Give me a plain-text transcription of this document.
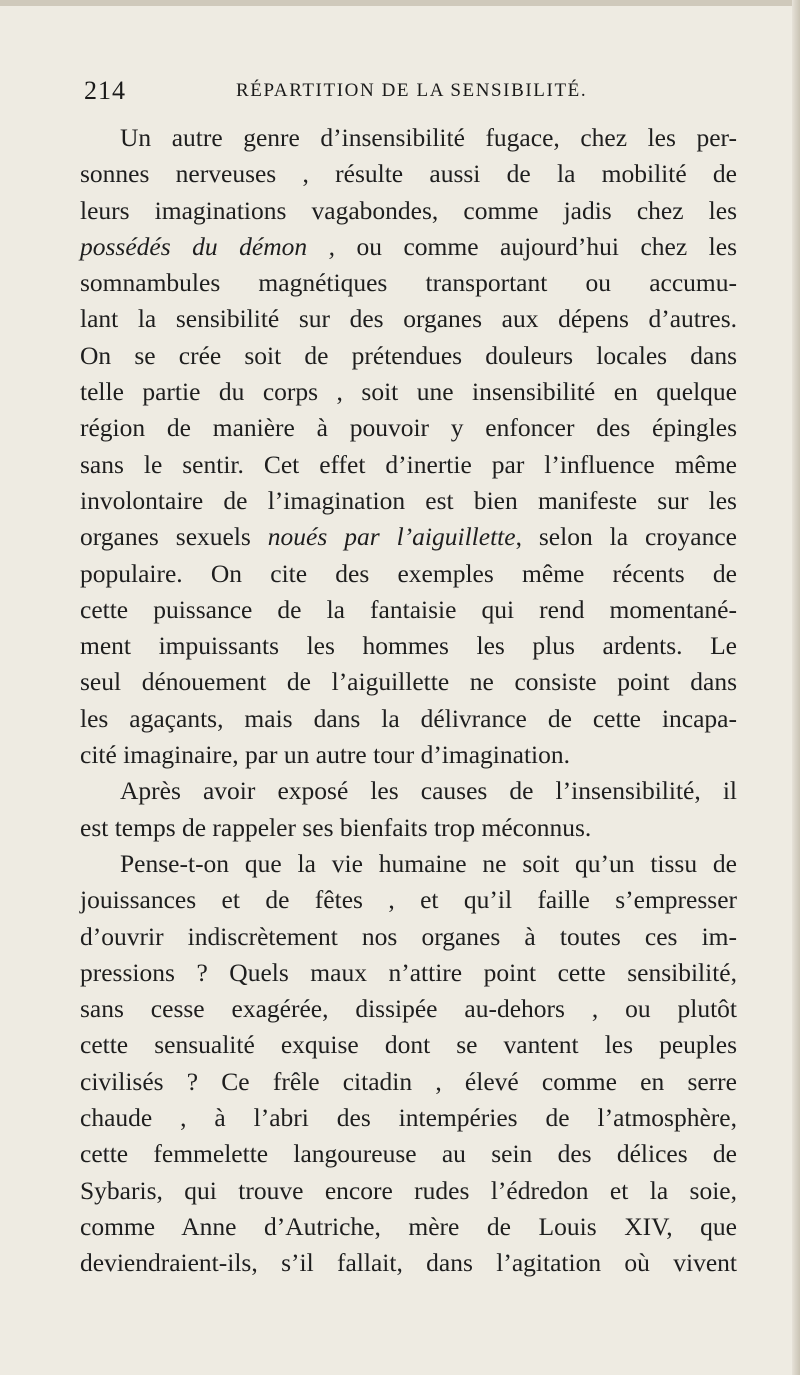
214	RÉPARTITION DE LA SENSIBILITÉ.
Un autre genre d’insensibilité fugace, chez les per-
sonnes nerveuses , résulte aussi de la mobilité de
leurs imaginations vagabondes, comme jadis chez les
possédés du démon , ou comme aujourd’hui chez les
somnambules magnétiques transportant ou accumu-
lant la sensibilité sur des organes aux dépens d’autres.
On se crée soit de prétendues douleurs locales dans
telle partie du corps , soit une insensibilité en quelque
région de manière à pouvoir y enfoncer des épingles
sans le sentir. Cet effet d’inertie par l’influence même
involontaire de l’imagination est bien manifeste sur les
organes sexuels noués par l’aiguillette, selon la croyance
populaire. On cite des exemples même récents de
cette puissance de la fantaisie qui rend momentané-
ment impuissants les hommes les plus ardents. Le
seul dénouement de l’aiguillette ne consiste point dans
les agaçants, mais dans la délivrance de cette incapa-
cité imaginaire, par un autre tour d’imagination.
Après avoir exposé les causes de l’insensibilité, il
est temps de rappeler ses bienfaits trop méconnus.
Pense-t-on que la vie humaine ne soit qu’un tissu de
jouissances et de fêtes , et qu’il faille s’empresser
d’ouvrir indiscrètement nos organes à toutes ces im-
pressions ? Quels maux n’attire point cette sensibilité,
sans cesse exagérée, dissipée au-dehors , ou plutôt
cette sensualité exquise dont se vantent les peuples
civilisés ? Ce frêle citadin , élevé comme en serre
chaude , à l’abri des intempéries de l’atmosphère,
cette femmelette langoureuse au sein des délices de
Sybaris, qui trouve encore rudes l’édredon et la soie,
comme Anne d’Autriche, mère de Louis XIV, que
deviendraient-ils, s’il fallait, dans l’agitation où vivent
